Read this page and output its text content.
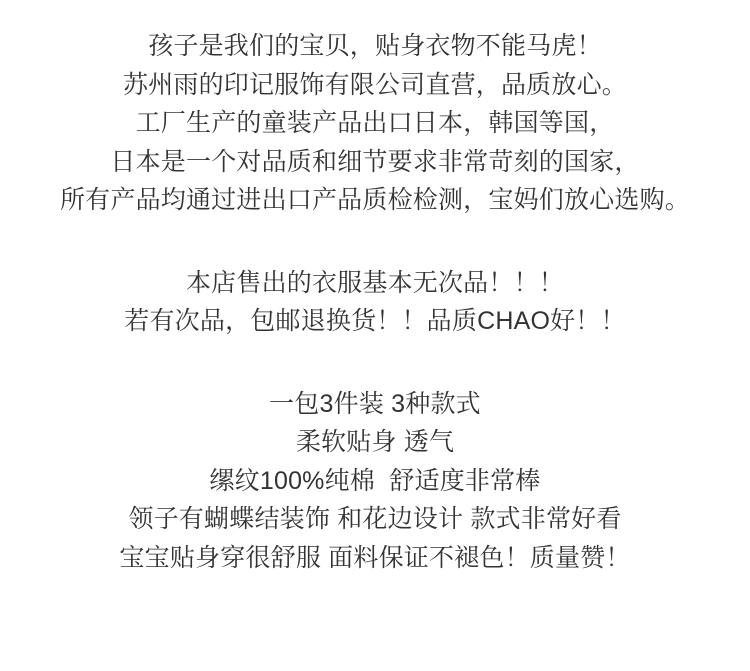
孩子是我们的宝贝，贴身衣物不能马虎！
苏州雨的印记服饰有限公司直营，品质放心。
工厂生产的童装产品出口日本，韩国等国，
日本是一个对品质和细节要求非常苛刻的国家，
所有产品均通过进出口产品质检检测，宝妈们放心选购。
本店售出的衣服基本无次品！！！
若有次品，包邮退换货！！品质CHAO好！！
一包3件装 3种款式
柔软贴身 透气
缧纹100%纯棉  舒适度非常棒
领子有蝴蝶结装饰 和花边设计 款式非常好看
宝宝贴身穿很舒服 面料保证不褪色！质量赞！
